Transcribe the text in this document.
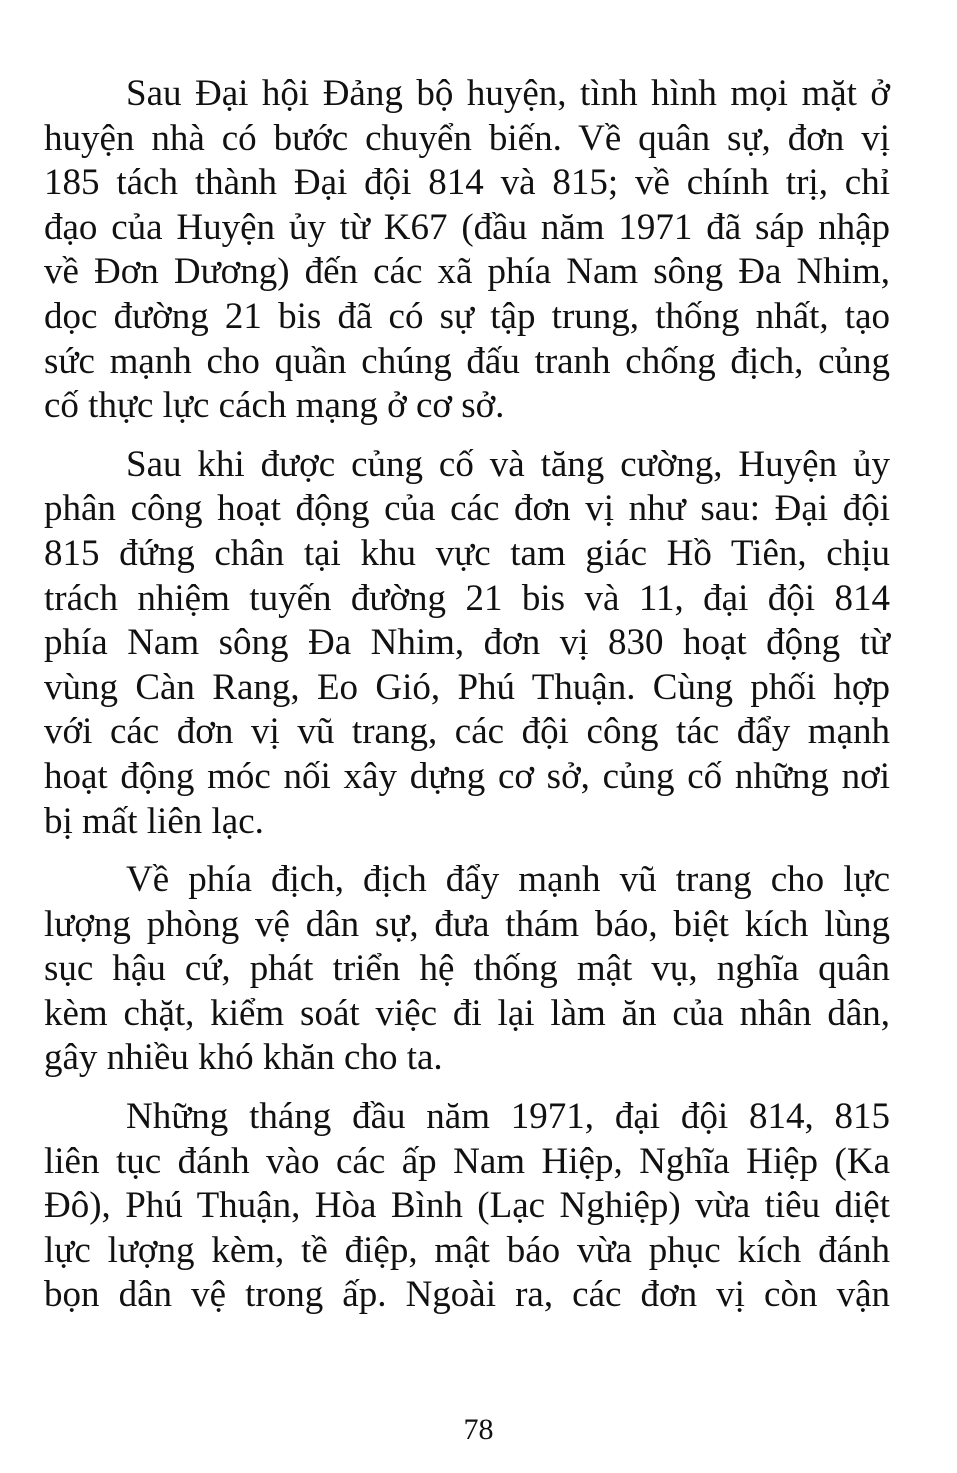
Sau Đại hội Đảng bộ huyện, tình hình mọi mặt ở
huyện nhà có bước chuyển biến. Về quân sự, đơn vị
185 tách thành Đại đội 814 và 815; về chính trị, chỉ
đạo của Huyện ủy từ K67 (đầu năm 1971 đã sáp nhập
về Đơn Dương) đến các xã phía Nam sông Đa Nhim,
dọc đường 21 bis đã có sự tập trung, thống nhất, tạo
sức mạnh cho quần chúng đấu tranh chống địch, củng
cố thực lực cách mạng ở cơ sở.

Sau khi được củng cố và tăng cường, Huyện ủy
phân công hoạt động của các đơn vị như sau: Đại đội
815 đứng chân tại khu vực tam giác Hồ Tiên, chịu
trách nhiệm tuyến đường 21 bis và 11, đại đội 814
phía Nam sông Đa Nhim, đơn vị 830 hoạt động từ
vùng Càn Rang, Eo Gió, Phú Thuận. Cùng phối hợp
với các đơn vị vũ trang, các đội công tác đẩy mạnh
hoạt động móc nối xây dựng cơ sở, củng cố những nơi
bị mất liên lạc.

Về phía địch, địch đẩy mạnh vũ trang cho lực
lượng phòng vệ dân sự, đưa thám báo, biệt kích lùng
sục hậu cứ, phát triển hệ thống mật vụ, nghĩa quân
kèm chặt, kiểm soát việc đi lại làm ăn của nhân dân,
gây nhiều khó khăn cho ta.

Những tháng đầu năm 1971, đại đội 814, 815
liên tục đánh vào các ấp Nam Hiệp, Nghĩa Hiệp (Ka
Đô), Phú Thuận, Hòa Bình (Lạc Nghiệp) vừa tiêu diệt
lực lượng kèm, tề điệp, mật báo vừa phục kích đánh
bọn dân vệ trong ấp. Ngoài ra, các đơn vị còn vận

78
